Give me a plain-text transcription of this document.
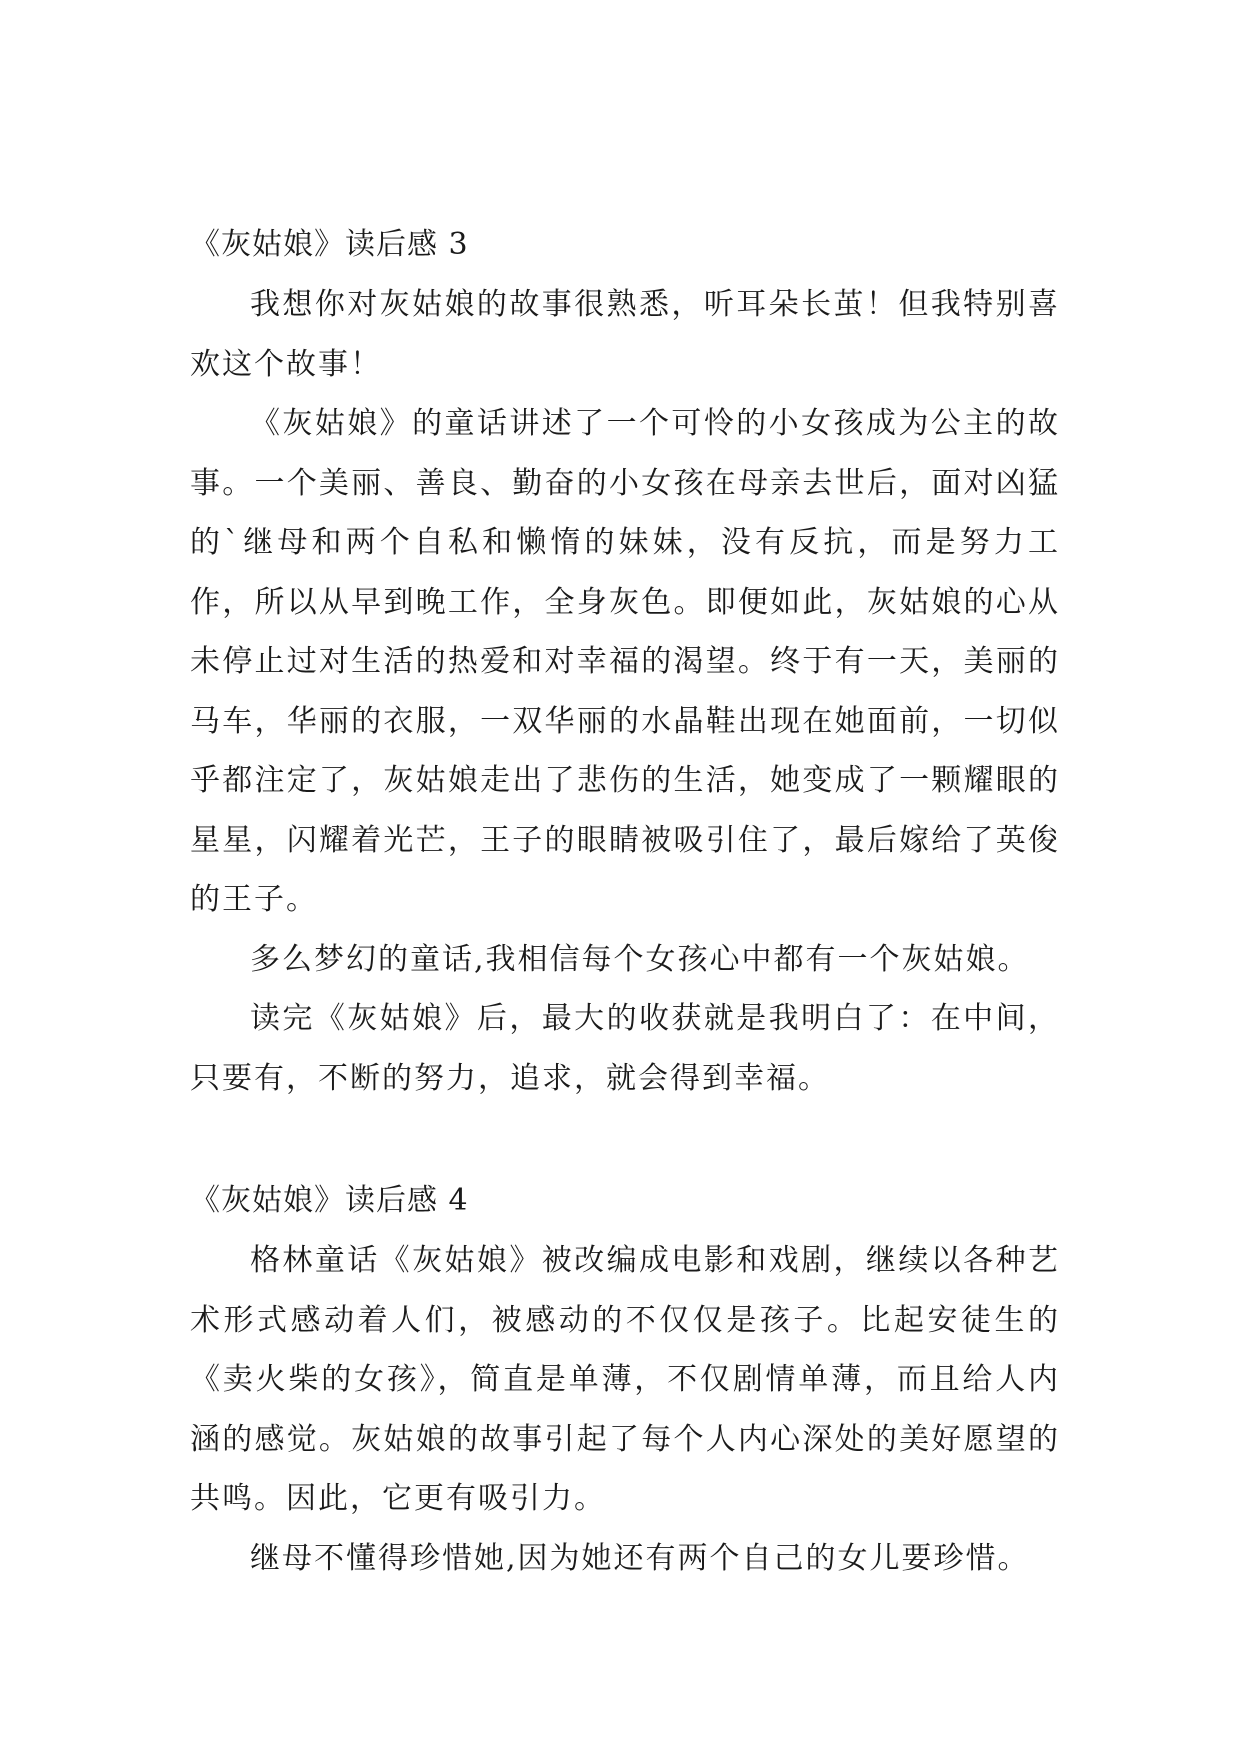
《灰姑娘》读后感 3

我想你对灰姑娘的故事很熟悉，听耳朵长茧！但我特别喜欢这个故事！

《灰姑娘》的童话讲述了一个可怜的小女孩成为公主的故事。一个美丽、善良、勤奋的小女孩在母亲去世后，面对凶猛的`继母和两个自私和懒惰的妹妹，没有反抗，而是努力工作，所以从早到晚工作，全身灰色。即便如此，灰姑娘的心从未停止过对生活的热爱和对幸福的渴望。终于有一天，美丽的马车，华丽的衣服，一双华丽的水晶鞋出现在她面前，一切似乎都注定了，灰姑娘走出了悲伤的生活，她变成了一颗耀眼的星星，闪耀着光芒，王子的眼睛被吸引住了，最后嫁给了英俊的王子。

多么梦幻的童话,我相信每个女孩心中都有一个灰姑娘。

读完《灰姑娘》后，最大的收获就是我明白了：在中间，只要有，不断的努力，追求，就会得到幸福。

《灰姑娘》读后感 4

格林童话《灰姑娘》被改编成电影和戏剧，继续以各种艺术形式感动着人们，被感动的不仅仅是孩子。比起安徒生的《卖火柴的女孩》，简直是单薄，不仅剧情单薄，而且给人内涵的感觉。灰姑娘的故事引起了每个人内心深处的美好愿望的共鸣。因此，它更有吸引力。

继母不懂得珍惜她,因为她还有两个自己的女儿要珍惜。
